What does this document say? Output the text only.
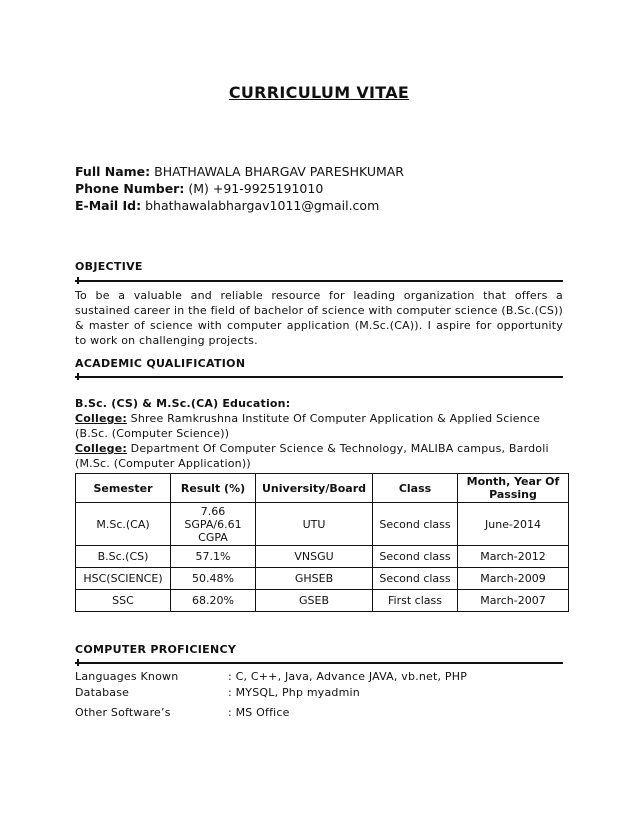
CURRICULUM VITAE
Full Name: BHATHAWALA BHARGAV PARESHKUMAR
Phone Number: (M) +91-9925191010
E-Mail Id: bhathawalabhargav1011@gmail.com
OBJECTIVE
To be a valuable and reliable resource for leading organization that offers a sustained career in the field of bachelor of science with computer science (B.Sc.(CS)) & master of science with computer application (M.Sc.(CA)). I aspire for opportunity to work on challenging projects.
ACADEMIC QUALIFICATION
B.Sc. (CS) & M.Sc.(CA) Education:
College: Shree Ramkrushna Institute Of Computer Application & Applied Science (B.Sc. (Computer Science))
College: Department Of Computer Science & Technology, MALIBA campus, Bardoli (M.Sc. (Computer Application))
Semester	Result (%)	University/Board	Class	Month, Year Of Passing
M.Sc.(CA)	7.66 SGPA/6.61 CGPA	UTU	Second class	June-2014
B.Sc.(CS)	57.1%	VNSGU	Second class	March-2012
HSC(SCIENCE)	50.48%	GHSEB	Second class	March-2009
SSC	68.20%	GSEB	First class	March-2007
COMPUTER PROFICIENCY
Languages Known	: C, C++, Java, Advance JAVA, vb.net, PHP
Database	: MYSQL, Php myadmin
Other Software’s	: MS Office
